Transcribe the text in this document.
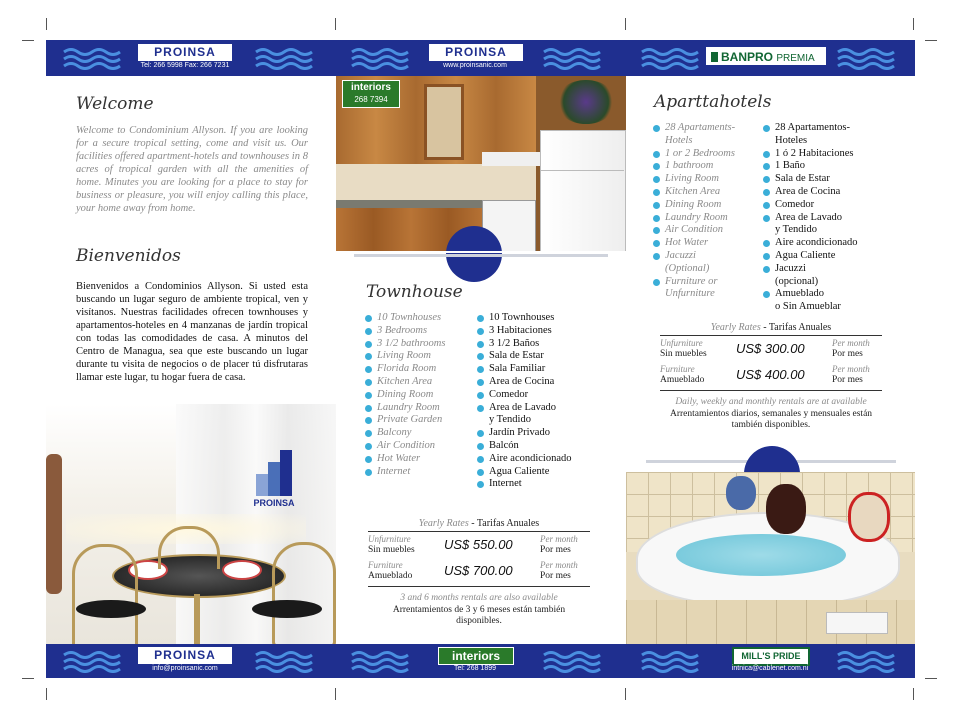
PROINSA
Tel: 266 5998 Fax: 266 7231
PROINSA
www.proinsanic.com
BANPRO PREMIA
Welcome
Welcome to Condominium Allyson. If you are looking for a secure tropical setting, come and visit us. Our facilities offered apartment-hotels and townhouses in 8 acres of tropical garden with all the amenities of home. Minutes you are looking for a place to stay for business or pleasure, you will enjoy calling this place, your home away from home.
Bienvenidos
Bienvenidos a Condominios Allyson. Si usted esta buscando un lugar seguro de ambiente tropical, ven y visítanos. Nuestras facilidades ofrecen townhouses y apartamentos-hoteles en 4 manzanas de jardín tropical con todas las comodidades de casa. A minutos del Centro de Managua, sea que este buscando un lugar durante tu visita de negocios o de placer tú disfrutaras llamar este lugar, tu hogar fuera de casa.
PROINSA
interiors
268 7394
Townhouse
10 Townhouses
3 Bedrooms
3 1/2 bathrooms
Living Room
Florida Room
Kitchen Area
Dining Room
Laundry Room
Private Garden
Balcony
Air Condition
Hot Water
Internet
10 Townhouses
3 Habitaciones
3 1/2 Baños
Sala de Estar
Sala Familiar
Area de Cocina
Comedor
Area de Lavado
y Tendido
Jardín Privado
Balcón
Aire acondicionado
Agua Caliente
Internet
Yearly Rates - Tarifas Anuales
Unfurniture
Sin muebles US$ 550.00	Per month
Por mes
Furniture
Amueblado US$ 700.00	Per month
Por mes
3 and 6 months rentals are also available
Arrentamientos de 3 y 6 meses están también disponibles.
Aparttahotels
28 Apartaments-
Hotels
1 or 2 Bedrooms
1 bathroom
Living Room
Kitchen Area
Dining Room
Laundry Room
Air Condition
Hot Water
Jacuzzi
(Optional)
Furniture or
Unfurniture
28 Apartamentos-
Hoteles
1 ó 2 Habitaciones
1 Baño
Sala de Estar
Area de Cocina
Comedor
Area de Lavado
y Tendido
Aire acondicionado
Agua Caliente
Jacuzzi
(opcional)
Amueblado
o Sin Amueblar
Yearly Rates - Tarifas Anuales
Unfurniture
Sin muebles US$ 300.00	Per month
Por mes
Furniture
Amueblado US$ 400.00	Per month
Por mes
Daily, weekly and monthly rentals are at available
Arrentamientos diarios, semanales y mensuales están también disponibles.
PROINSA
info@proinsanic.com
interiors
Tel: 268 1899
MILL'S PRIDE
intnica@cablenet.com.ni
